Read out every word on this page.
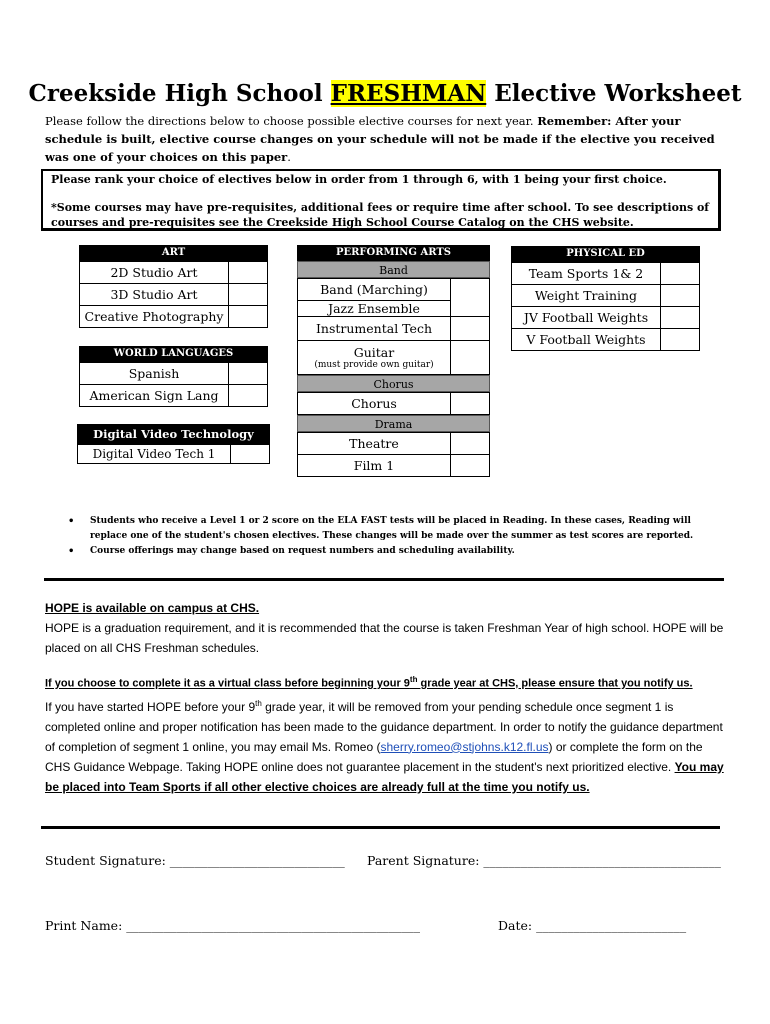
Creekside High School FRESHMAN Elective Worksheet
Please follow the directions below to choose possible elective courses for next year. Remember: After your schedule is built, elective course changes on your schedule will not be made if the elective you received was one of your choices on this paper.

Please rank your choice of electives below in order from 1 through 6, with 1 being your first choice.

*Some courses may have pre-requisites, additional fees or require time after school. To see descriptions of courses and pre-requisites see the Creekside High School Course Catalog on the CHS website.

ART
2D Studio Art	
3D Studio Art	
Creative Photography	
WORLD LANGUAGES
Spanish	
American Sign Lang	
Digital Video Technology
Digital Video Tech 1	
PERFORMING ARTS
Band
Band (Marching)	
Jazz Ensemble	
Instrumental Tech	
Guitar
(must provide own guitar)	

Chorus
Chorus	
Drama
Theatre	
Film 1	
PHYSICAL ED
Team Sports 1& 2	
Weight Training	
JV Football Weights	
V Football Weights	
• Students who receive a Level 1 or 2 score on the ELA FAST tests will be placed in Reading. In these cases, Reading will replace one of the student's chosen electives. These changes will be made over the summer as test scores are reported.
• Course offerings may change based on request numbers and scheduling availability.

HOPE is available on campus at CHS.

HOPE is a graduation requirement, and it is recommended that the course is taken Freshman Year of high school. HOPE will be placed on all CHS Freshman schedules.

If you choose to complete it as a virtual class before beginning your 9th grade year at CHS, please ensure that you notify us.

If you have started HOPE before your 9th grade year, it will be removed from your pending schedule once segment 1 is completed online and proper notification has been made to the guidance department. In order to notify the guidance department of completion of segment 1 online, you may email Ms. Romeo (sherry.romeo@stjohns.k12.fl.us) or complete the form on the CHS Guidance Webpage. Taking HOPE online does not guarantee placement in the student's next prioritized elective. You may be placed into Team Sports if all other elective choices are already full at the time you notify us.

Student Signature: ____________________________ Parent Signature: ______________________________________
Print Name: _______________________________________________	Date: ________________________
